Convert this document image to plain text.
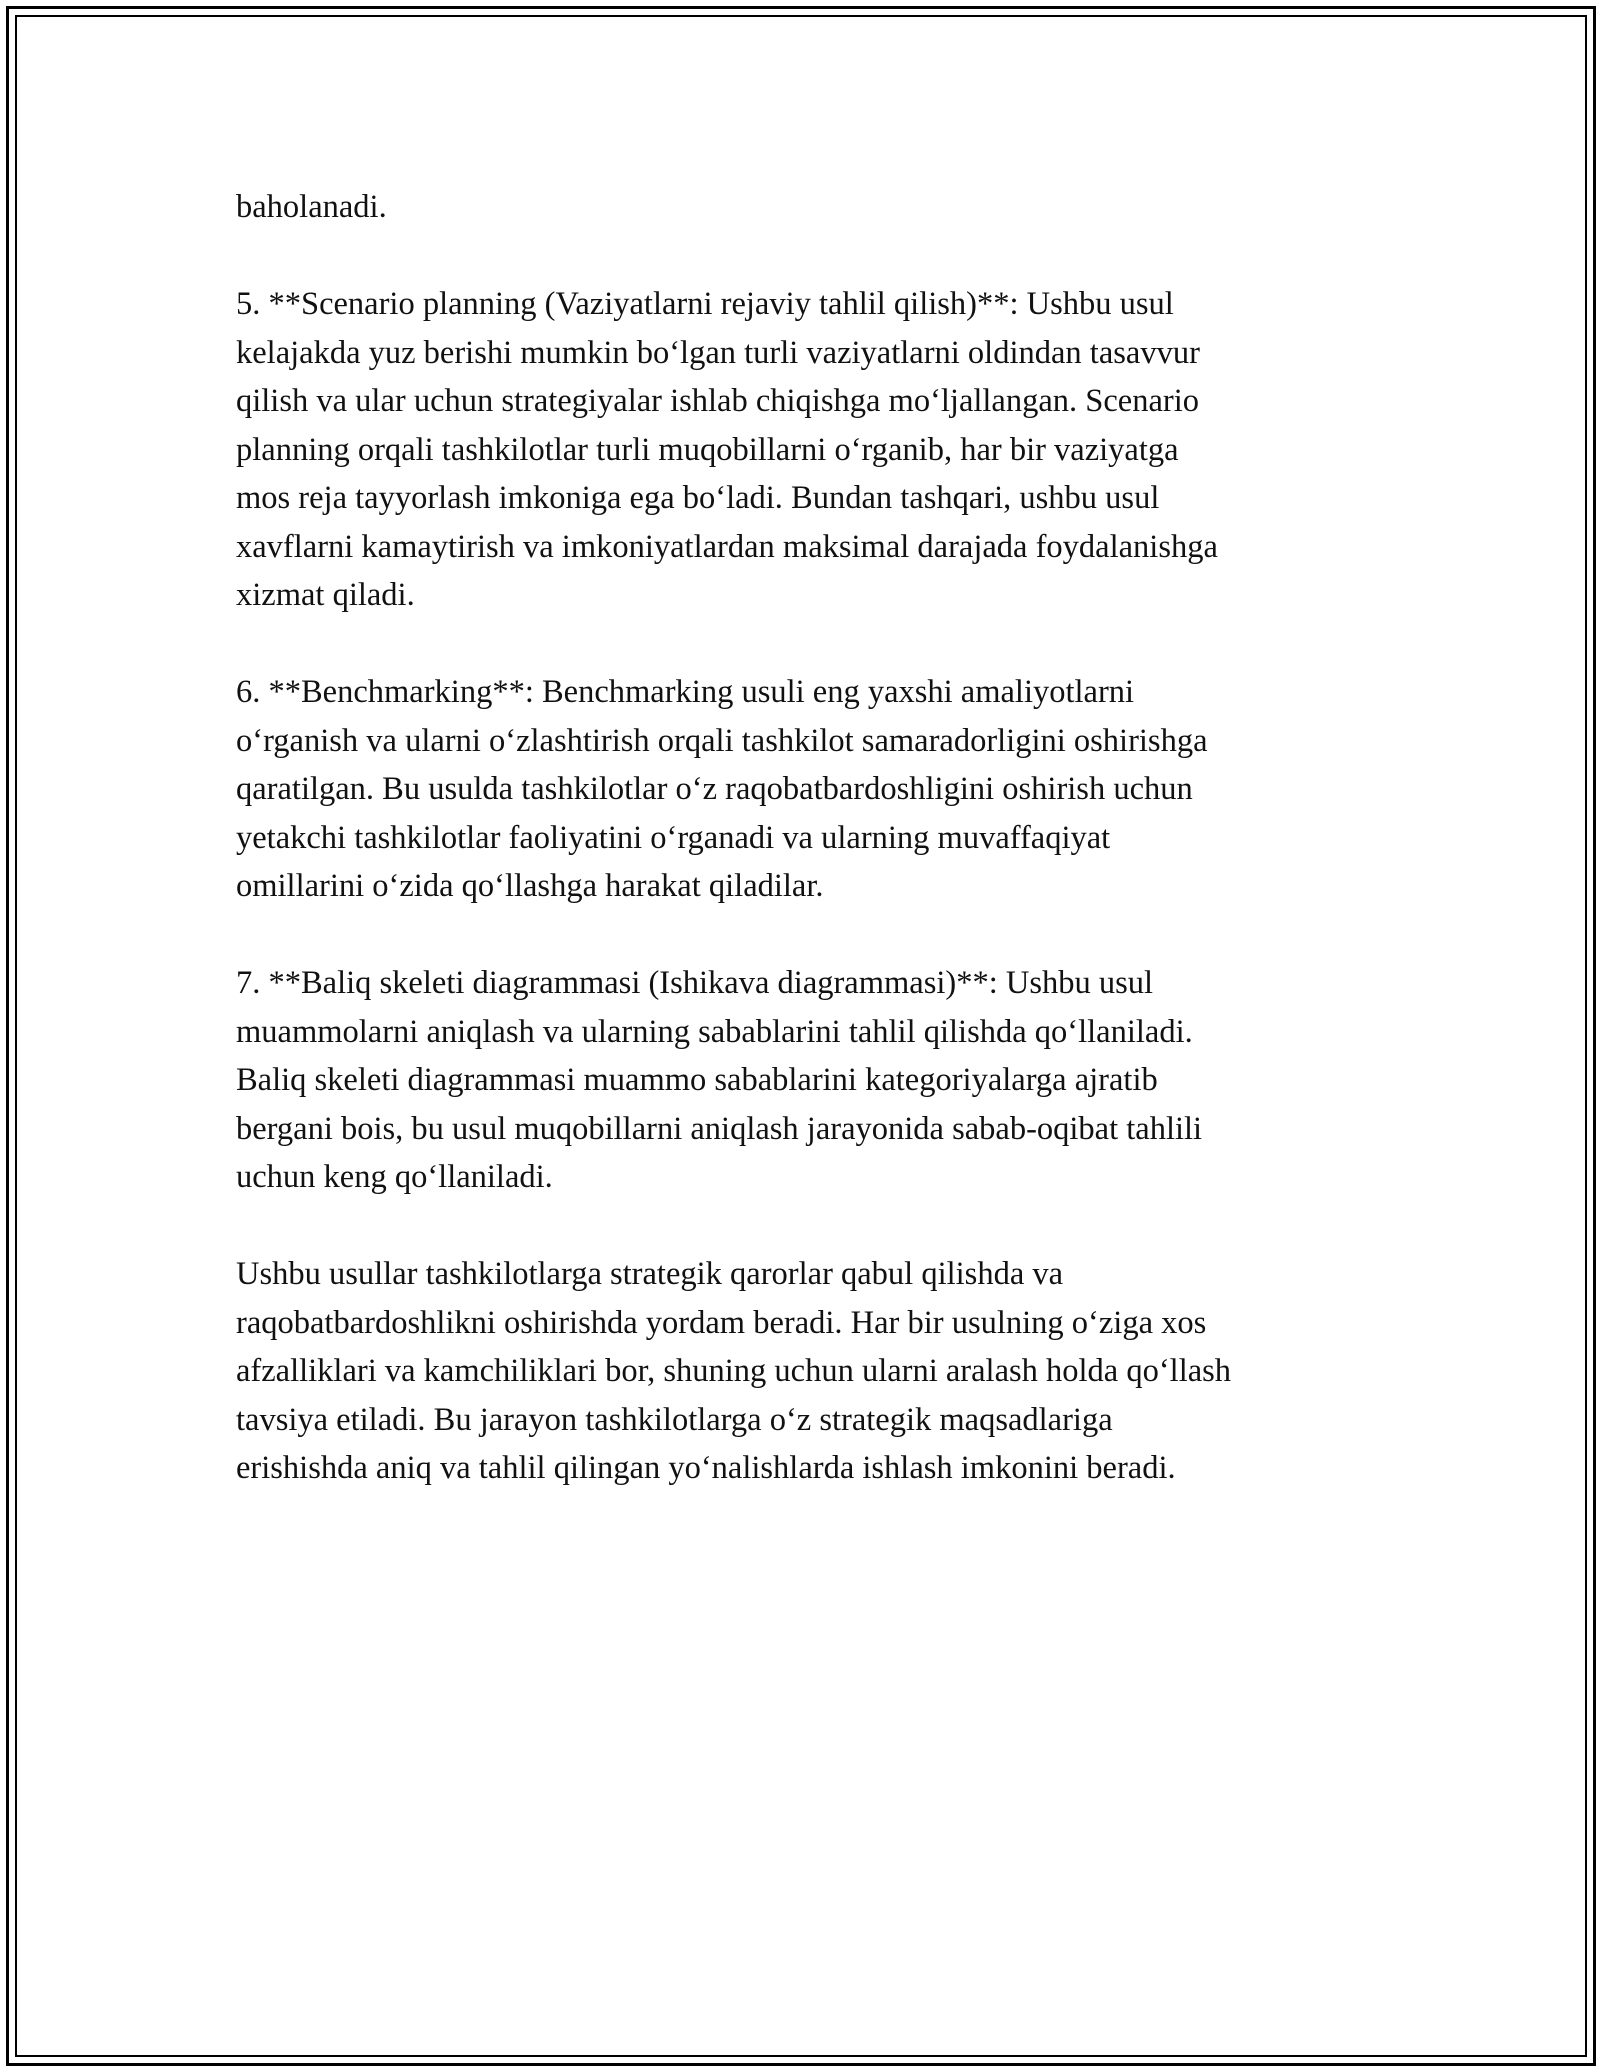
baholanadi.

5. **Scenario planning (Vaziyatlarni rejaviy tahlil qilish)**: Ushbu usul
kelajakda yuz berishi mumkin bo‘lgan turli vaziyatlarni oldindan tasavvur
qilish va ular uchun strategiyalar ishlab chiqishga mo‘ljallangan. Scenario
planning orqali tashkilotlar turli muqobillarni o‘rganib, har bir vaziyatga
mos reja tayyorlash imkoniga ega bo‘ladi. Bundan tashqari, ushbu usul
xavflarni kamaytirish va imkoniyatlardan maksimal darajada foydalanishga
xizmat qiladi.

6. **Benchmarking**: Benchmarking usuli eng yaxshi amaliyotlarni
o‘rganish va ularni o‘zlashtirish orqali tashkilot samaradorligini oshirishga
qaratilgan. Bu usulda tashkilotlar o‘z raqobatbardoshligini oshirish uchun
yetakchi tashkilotlar faoliyatini o‘rganadi va ularning muvaffaqiyat
omillarini o‘zida qo‘llashga harakat qiladilar.

7. **Baliq skeleti diagrammasi (Ishikava diagrammasi)**: Ushbu usul
muammolarni aniqlash va ularning sabablarini tahlil qilishda qo‘llaniladi.
Baliq skeleti diagrammasi muammo sabablarini kategoriyalarga ajratib
bergani bois, bu usul muqobillarni aniqlash jarayonida sabab-oqibat tahlili
uchun keng qo‘llaniladi.

Ushbu usullar tashkilotlarga strategik qarorlar qabul qilishda va
raqobatbardoshlikni oshirishda yordam beradi. Har bir usulning o‘ziga xos
afzalliklari va kamchiliklari bor, shuning uchun ularni aralash holda qo‘llash
tavsiya etiladi. Bu jarayon tashkilotlarga o‘z strategik maqsadlariga
erishishda aniq va tahlil qilingan yo‘nalishlarda ishlash imkonini beradi.
